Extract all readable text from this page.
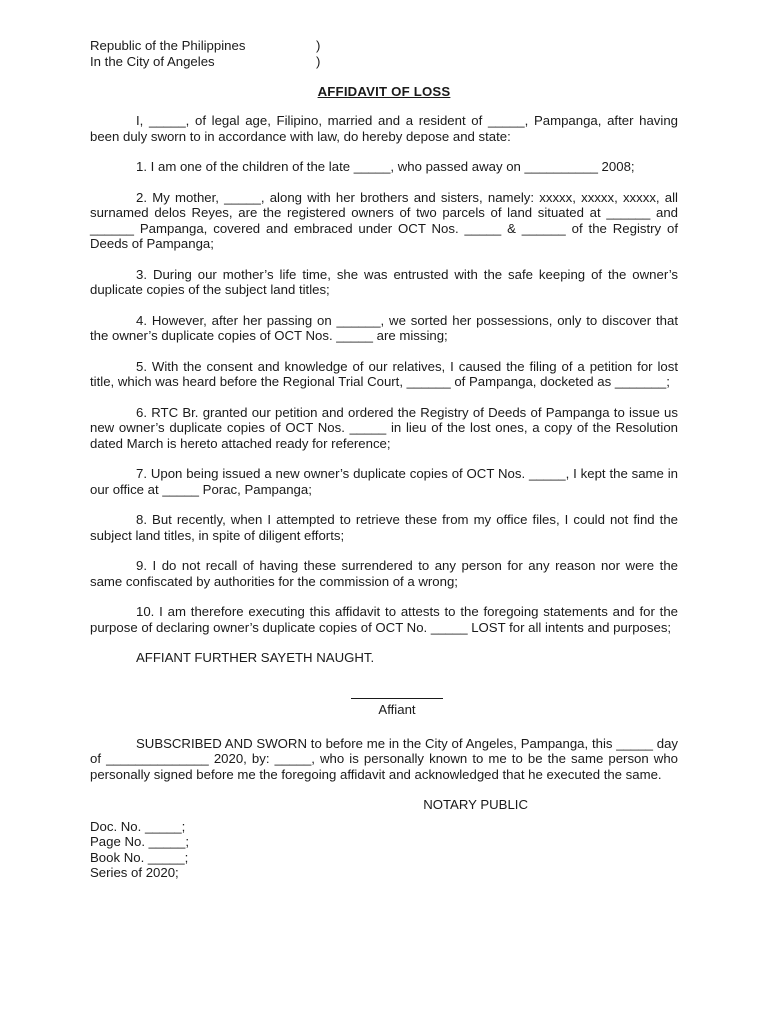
Republic of the Philippines	)
In the City of Angeles	)
AFFIDAVIT OF LOSS

I, _____, of legal age, Filipino, married and a resident of _____, Pampanga, after having been duly sworn to in accordance with law, do hereby depose and state:

1. I am one of the children of the late _____, who passed away on __________ 2008;

2. My mother, _____, along with her brothers and sisters, namely: xxxxx, xxxxx, xxxxx, all surnamed delos Reyes, are the registered owners of two parcels of land situated at ______ and ______ Pampanga, covered and embraced under OCT Nos. _____ & ______ of the Registry of Deeds of Pampanga;

3. During our mother’s life time, she was entrusted with the safe keeping of the owner’s duplicate copies of the subject land titles;

4. However, after her passing on ______, we sorted her possessions, only to discover that the owner’s duplicate copies of OCT Nos. _____ are missing;

5. With the consent and knowledge of our relatives, I caused the filing of a petition for lost title, which was heard before the Regional Trial Court, ______ of Pampanga, docketed as _______;

6. RTC Br. granted our petition and ordered the Registry of Deeds of Pampanga to issue us new owner’s duplicate copies of OCT Nos. _____ in lieu of the lost ones, a copy of the Resolution dated March is hereto attached ready for reference;

7. Upon being issued a new owner’s duplicate copies of OCT Nos. _____, I kept the same in our office at _____ Porac, Pampanga;

8. But recently, when I attempted to retrieve these from my office files, I could not find the subject land titles, in spite of diligent efforts;

9. I do not recall of having these surrendered to any person for any reason nor were the same confiscated by authorities for the commission of a wrong;

10. I am therefore executing this affidavit to attests to the foregoing statements and for the purpose of declaring owner’s duplicate copies of OCT No. _____ LOST for all intents and purposes;

AFFIANT FURTHER SAYETH NAUGHT.
Affiant

SUBSCRIBED AND SWORN to before me in the City of Angeles, Pampanga, this _____ day of ______________ 2020, by: _____, who is personally known to me to be the same person who personally signed before me the foregoing affidavit and acknowledged that he executed the same.

NOTARY PUBLIC
Doc. No. _____;
Page No. _____;
Book No. _____;
Series of 2020;
